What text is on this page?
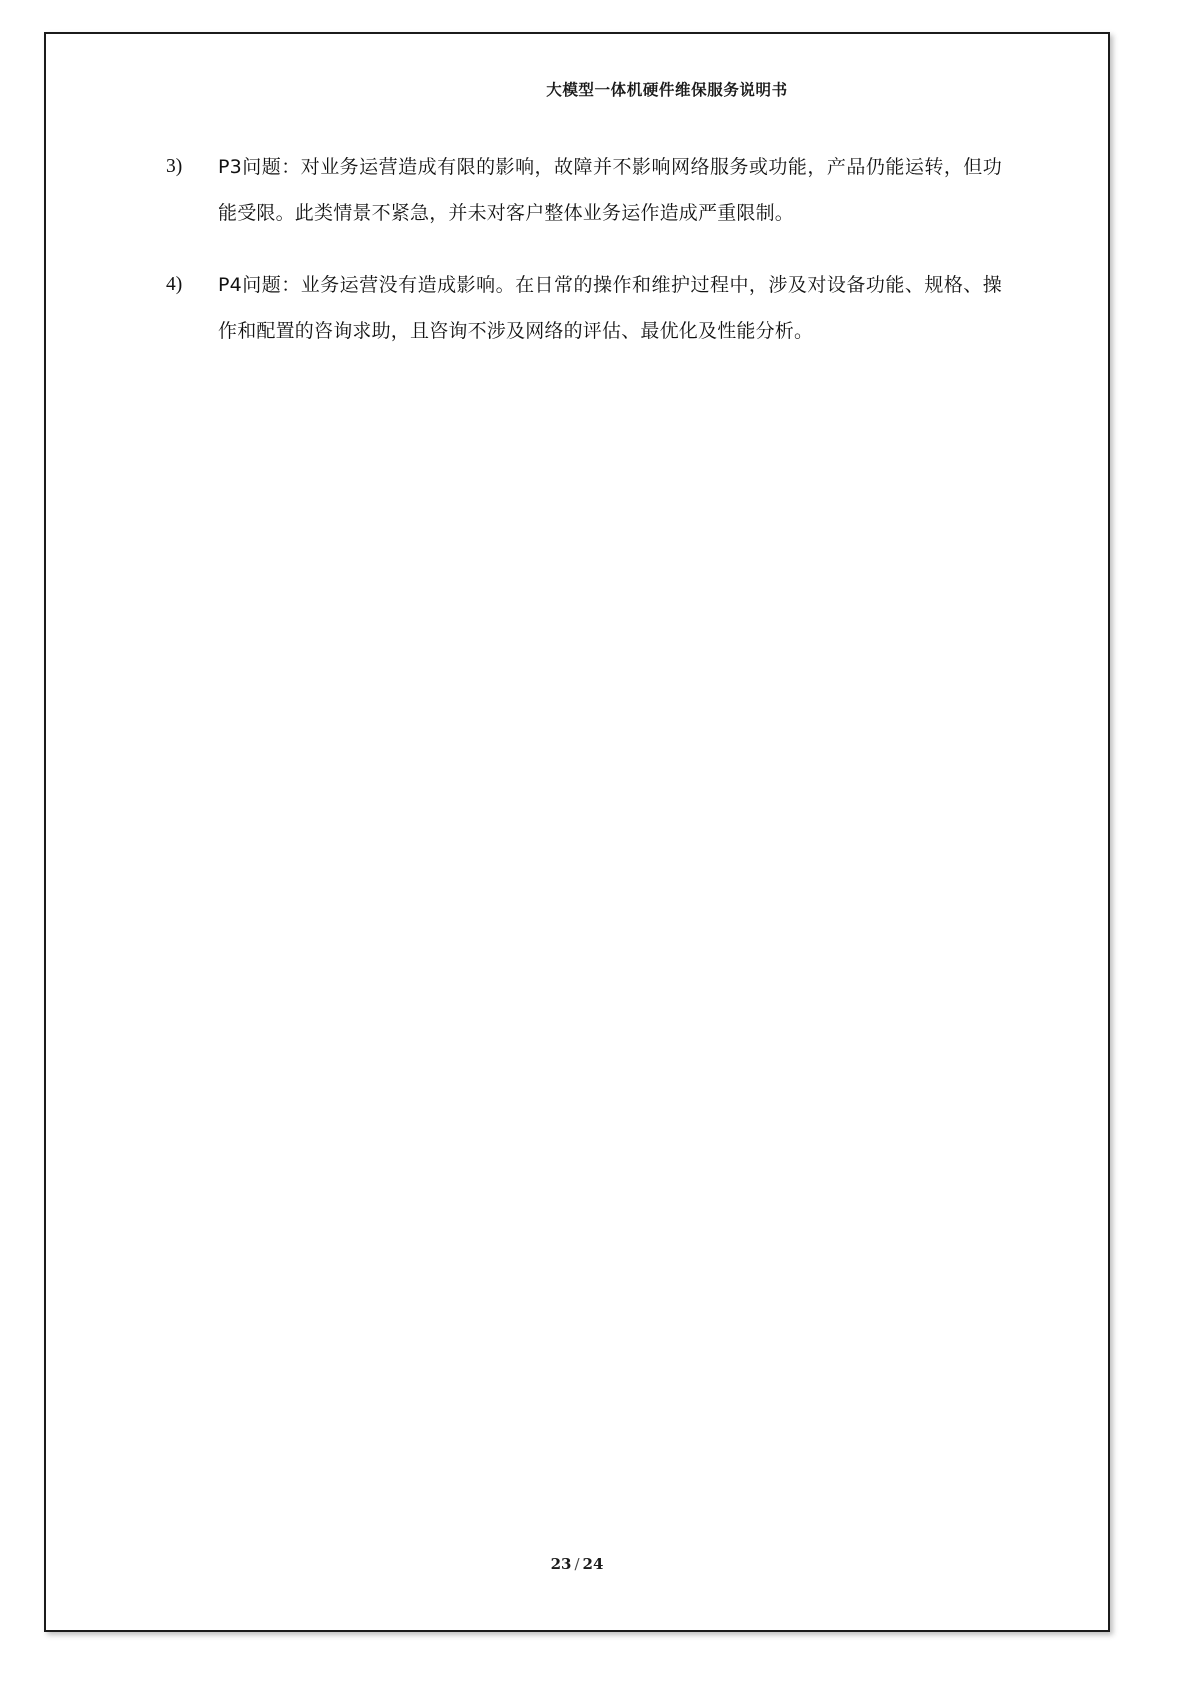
大模型一体机硬件维保服务说明书
3)	P3问题：对业务运营造成有限的影响，故障并不影响网络服务或功能，产品仍能运转，但功能受限。此类情景不紧急，并未对客户整体业务运作造成严重限制。
4)	P4问题：业务运营没有造成影响。在日常的操作和维护过程中，涉及对设备功能、规格、操作和配置的咨询求助，且咨询不涉及网络的评估、最优化及性能分析。
23 / 24
